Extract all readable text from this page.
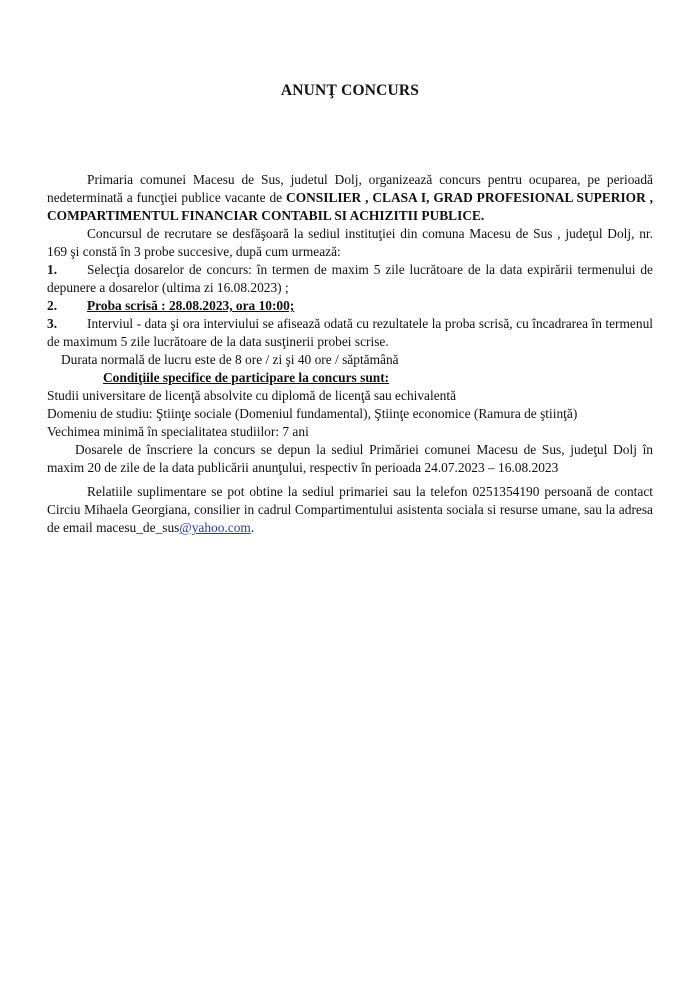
ANUNŢ CONCURS

Primaria comunei Macesu de Sus, judetul Dolj, organizează concurs pentru ocuparea, pe perioadă nedeterminată a funcţiei publice vacante de CONSILIER , CLASA I, GRAD PROFESIONAL SUPERIOR , COMPARTIMENTUL FINANCIAR CONTABIL SI ACHIZITII PUBLICE.

Concursul de recrutare se desfăşoară la sediul instituţiei din comuna Macesu de Sus , judeţul Dolj, nr. 169 şi constă în 3 probe succesive, după cum urmează:

1.	Selecţia dosarelor de concurs: în termen de maxim 5 zile lucrătoare de la data expirării termenului de depunere a dosarelor (ultima zi 16.08.2023) ;

2.	Proba scrisă : 28.08.2023, ora 10:00;
3.	Interviul - data şi ora interviului se afisează odată cu rezultatele la proba scrisă, cu încadrarea în termenul de maximum 5 zile lucrătoare de la data susţinerii probei scrise.

Durata normală de lucru este de 8 ore / zi şi 40 ore / săptămână

Condiţiile specifice de participare la concurs sunt:

Studii universitare de licenţă absolvite cu diplomă de licenţă sau echivalentă

Domeniu de studiu: Ştiinţe sociale (Domeniul fundamental), Ştiinţe economice (Ramura de ştiinţă)

Vechimea minimă în specialitatea studiilor: 7 ani

Dosarele de înscriere la concurs se depun la sediul Primăriei comunei Macesu de Sus, judeţul Dolj în maxim 20 de zile de la data publicării anunţului, respectiv în perioada 24.07.2023 – 16.08.2023

Relatiile suplimentare se pot obtine la sediul primariei sau la telefon 0251354190 persoană de contact Circiu Mihaela Georgiana, consilier in cadrul Compartimentului asistenta sociala si resurse umane, sau la adresa de email macesu_de_sus@yahoo.com.
